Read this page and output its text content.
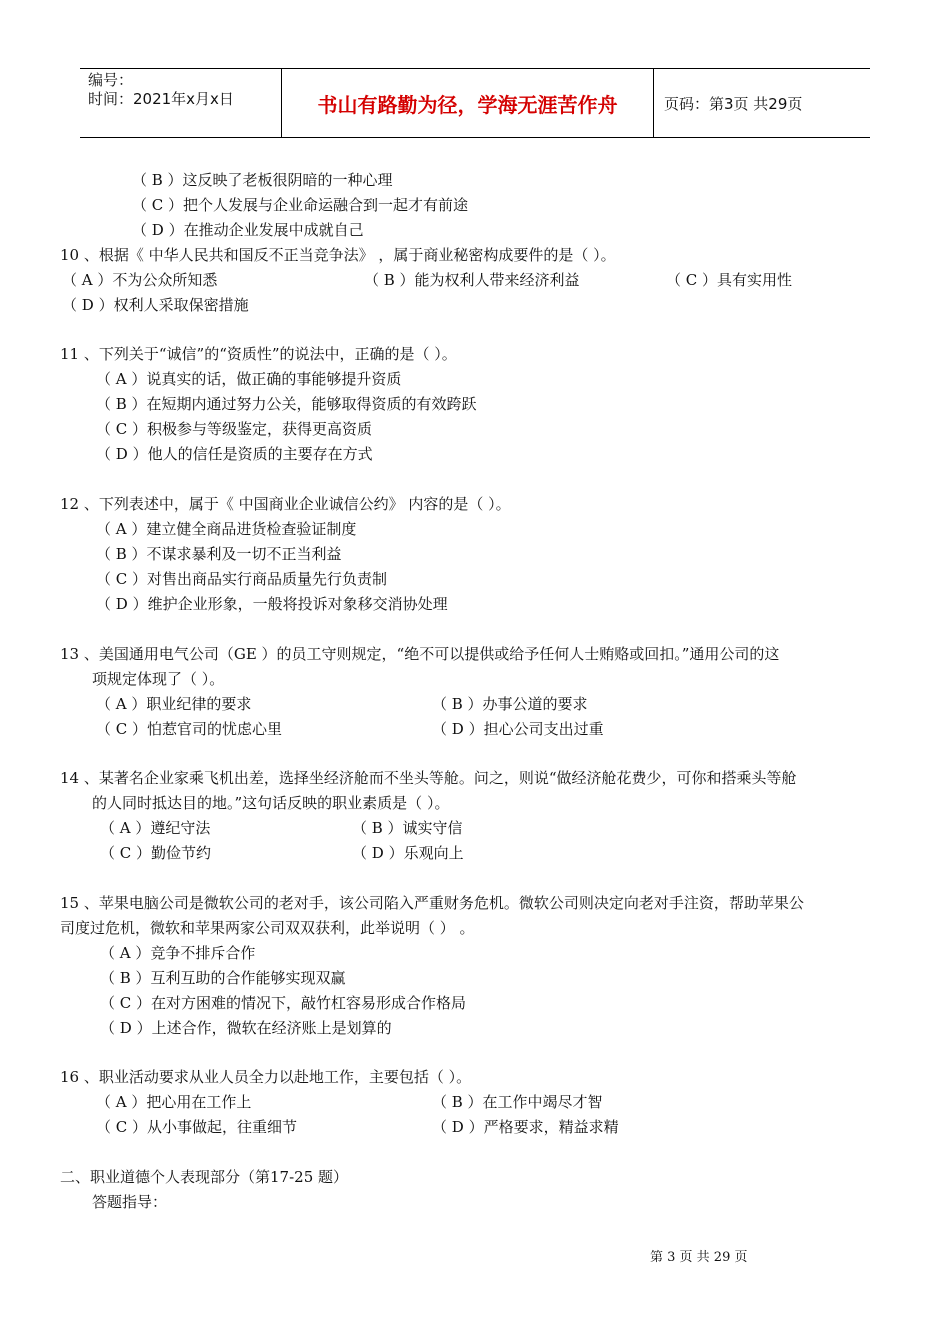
编号：
时间：2021年x月x日	书山有路勤为径，学海无涯苦作舟	页码：第3页 共29页
（ B ）这反映了老板很阴暗的一种心理
（ C ）把个人发展与企业命运融合到一起才有前途
（ D ）在推动企业发展中成就自己
10 、根据《 中华人民共和国反不正当竞争法》 ，属于商业秘密构成要件的是（ ）。
（ A ）不为公众所知悉	（ B ）能为权利人带来经济利益	（ C ）具有实用性
（ D ）权利人采取保密措施
11 、下列关于“诚信”的“资质性”的说法中，正确的是（ ）。
（ A ）说真实的话，做正确的事能够提升资质
（ B ）在短期内通过努力公关，能够取得资质的有效跨跃
（ C ）积极参与等级鉴定，获得更高资质
（ D ）他人的信任是资质的主要存在方式
12 、下列表述中，属于《 中国商业企业诚信公约》 内容的是（ ）。
（ A ）建立健全商品进货检查验证制度
（ B ）不谋求暴利及一切不正当利益
（ C ）对售出商品实行商品质量先行负责制
（ D ）维护企业形象，一般将投诉对象移交消协处理
13 、美国通用电气公司（GE ）的员工守则规定，“绝不可以提供或给予任何人士贿赂或回扣。”通用公司的这
项规定体现了（ ）。
（ A ）职业纪律的要求	（ B ）办事公道的要求
（ C ）怕惹官司的忧虑心里	（ D ）担心公司支出过重
14 、某著名企业家乘飞机出差，选择坐经济舱而不坐头等舱。问之，则说“做经济舱花费少，可你和搭乘头等舱
的人同时抵达目的地。”这句话反映的职业素质是（ ）。
（ A ）遵纪守法	（ B ）诚实守信
（ C ）勤俭节约	（ D ）乐观向上
15 、苹果电脑公司是微软公司的老对手，该公司陷入严重财务危机。微软公司则决定向老对手注资，帮助苹果公
司度过危机，微软和苹果两家公司双双获利，此举说明（ ） 。
（ A ）竞争不排斥合作
（ B ）互利互助的合作能够实现双赢
（ C ）在对方困难的情况下，敲竹杠容易形成合作格局
（ D ）上述合作，微软在经济账上是划算的
16 、职业活动要求从业人员全力以赴地工作，主要包括（ ）。
（ A ）把心用在工作上	（ B ）在工作中竭尽才智
（ C ）从小事做起，往重细节	（ D ）严格要求，精益求精
二、职业道德个人表现部分（第17-25 题）
答题指导：
第 3 页 共 29 页
